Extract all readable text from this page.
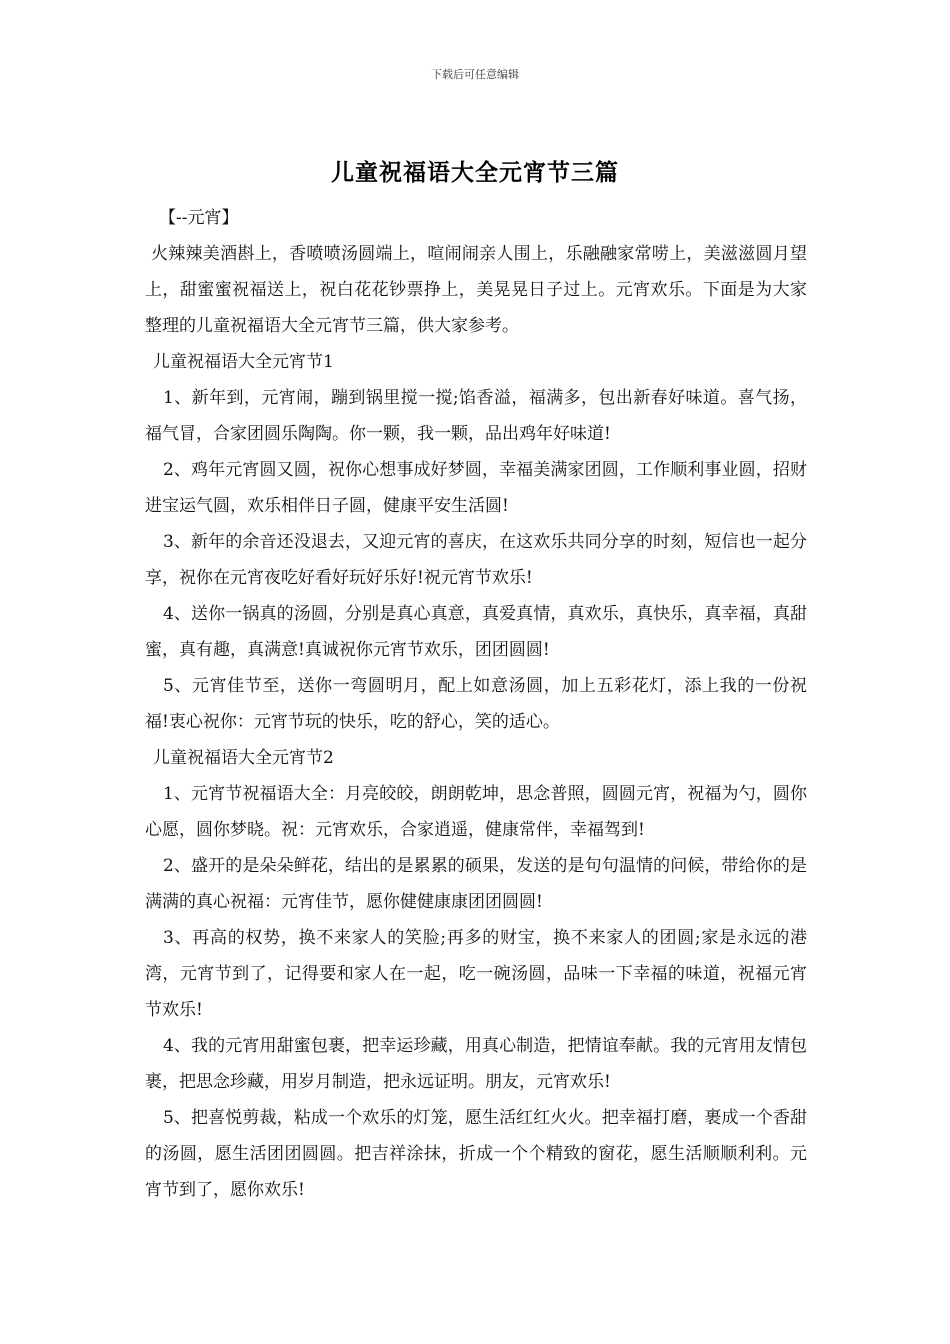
下载后可任意编辑
儿童祝福语大全元宵节三篇

【--元宵】

火辣辣美酒斟上，香喷喷汤圆端上，喧闹闹亲人围上，乐融融家常唠上，美滋滋圆月望上，甜蜜蜜祝福送上，祝白花花钞票挣上，美晃晃日子过上。元宵欢乐。下面是为大家整理的儿童祝福语大全元宵节三篇，供大家参考。

儿童祝福语大全元宵节1

1、新年到，元宵闹，蹦到锅里搅一搅;馅香溢，福满多，包出新春好味道。喜气扬，福气冒，合家团圆乐陶陶。你一颗，我一颗，品出鸡年好味道!

2、鸡年元宵圆又圆，祝你心想事成好梦圆，幸福美满家团圆，工作顺利事业圆，招财进宝运气圆，欢乐相伴日子圆，健康平安生活圆!

3、新年的余音还没退去，又迎元宵的喜庆，在这欢乐共同分享的时刻，短信也一起分享，祝你在元宵夜吃好看好玩好乐好!祝元宵节欢乐!

4、送你一锅真的汤圆，分别是真心真意，真爱真情，真欢乐，真快乐，真幸福，真甜蜜，真有趣，真满意!真诚祝你元宵节欢乐，团团圆圆!

5、元宵佳节至，送你一弯圆明月，配上如意汤圆，加上五彩花灯，添上我的一份祝福!衷心祝你：元宵节玩的快乐，吃的舒心，笑的适心。

儿童祝福语大全元宵节2

1、元宵节祝福语大全：月亮皎皎，朗朗乾坤，思念普照，圆圆元宵，祝福为勺，圆你心愿，圆你梦晓。祝：元宵欢乐，合家逍遥，健康常伴，幸福驾到!

2、盛开的是朵朵鲜花，结出的是累累的硕果，发送的是句句温情的问候，带给你的是满满的真心祝福：元宵佳节，愿你健健康康团团圆圆!

3、再高的权势，换不来家人的笑脸;再多的财宝，换不来家人的团圆;家是永远的港湾，元宵节到了，记得要和家人在一起，吃一碗汤圆，品味一下幸福的味道，祝福元宵节欢乐!

4、我的元宵用甜蜜包裹，把幸运珍藏，用真心制造，把情谊奉献。我的元宵用友情包裹，把思念珍藏，用岁月制造，把永远证明。朋友，元宵欢乐!

5、把喜悦剪裁，粘成一个欢乐的灯笼，愿生活红红火火。把幸福打磨，裹成一个香甜的汤圆，愿生活团团圆圆。把吉祥涂抹，折成一个个精致的窗花，愿生活顺顺利利。元宵节到了，愿你欢乐!
